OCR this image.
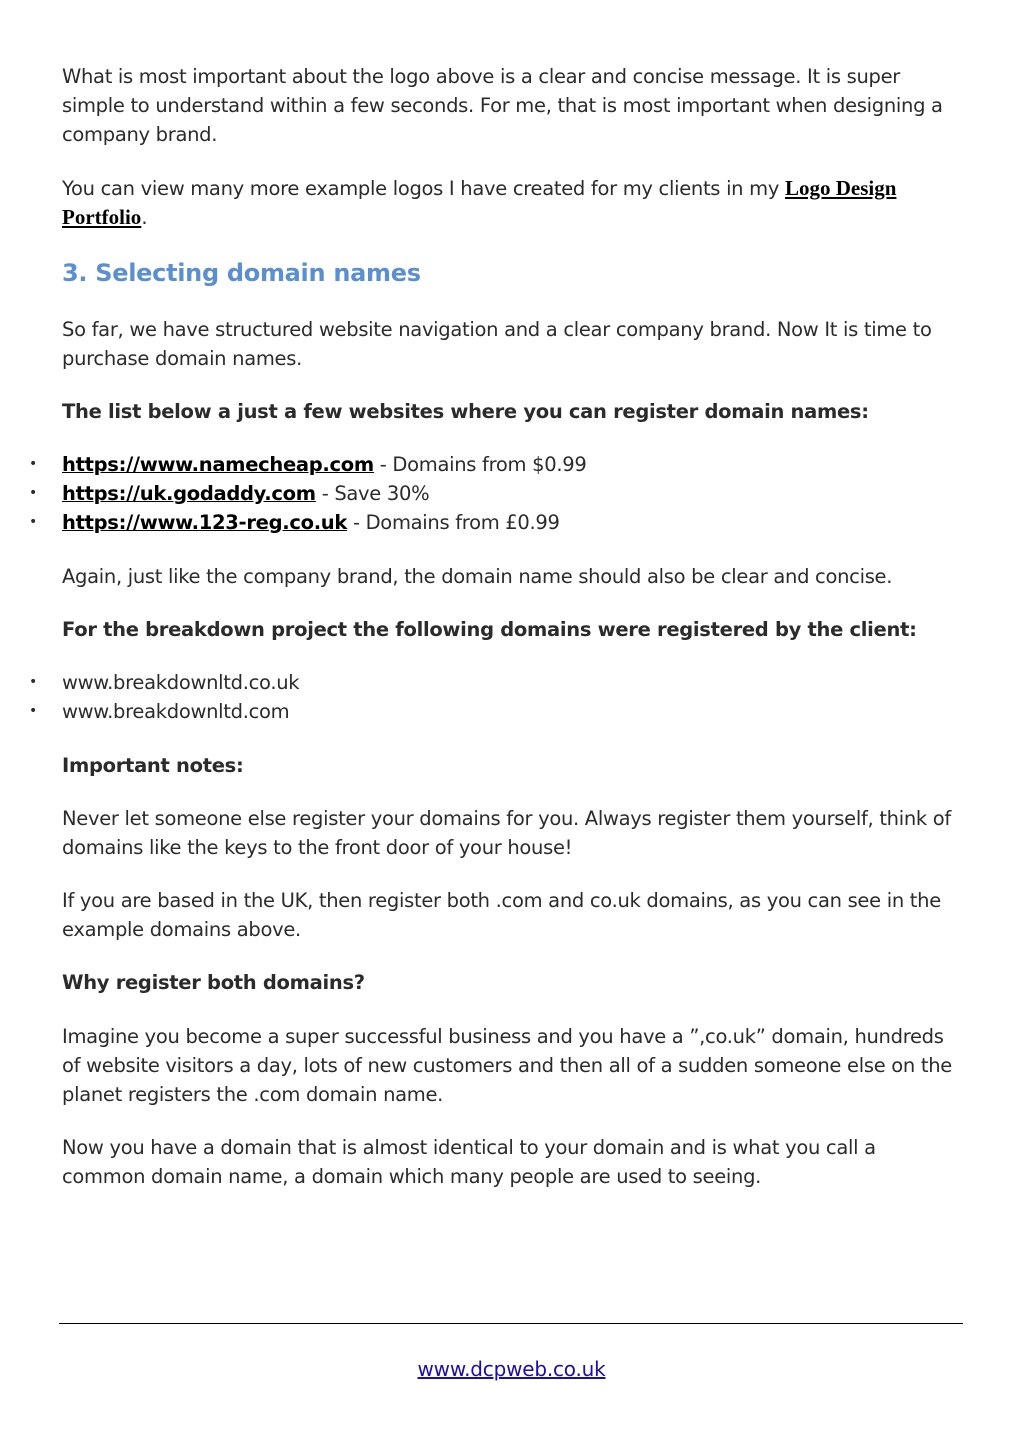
What is most important about the logo above is a clear and concise message. It is super simple to understand within a few seconds. For me, that is most important when designing a company brand.

You can view many more example logos I have created for my clients in my Logo Design Portfolio.

3. Selecting domain names

So far, we have structured website navigation and a clear company brand. Now It is time to purchase domain names.

The list below a just a few websites where you can register domain names:

• https://www.namecheap.com - Domains from $0.99
• https://uk.godaddy.com - Save 30%
• https://www.123-reg.co.uk - Domains from £0.99

Again, just like the company brand, the domain name should also be clear and concise.

For the breakdown project the following domains were registered by the client:

• www.breakdownltd.co.uk
• www.breakdownltd.com

Important notes:

Never let someone else register your domains for you. Always register them yourself, think of domains like the keys to the front door of your house!

If you are based in the UK, then register both .com and co.uk domains, as you can see in the example domains above.

Why register both domains?

Imagine you become a super successful business and you have a ”,co.uk” domain, hundreds of website visitors a day, lots of new customers and then all of a sudden someone else on the planet registers the .com domain name.

Now you have a domain that is almost identical to your domain and is what you call a common domain name, a domain which many people are used to seeing.

www.dcpweb.co.uk
